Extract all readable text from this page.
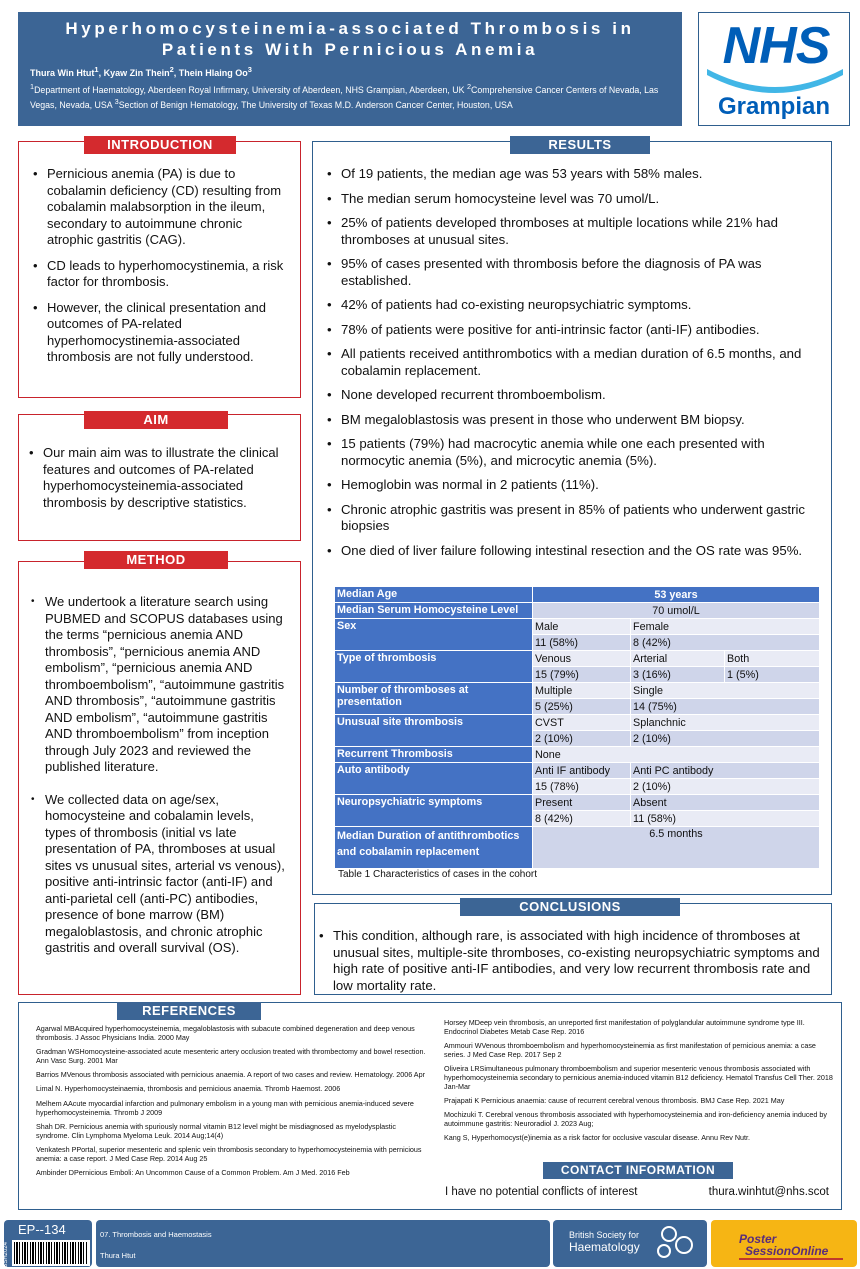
Hyperhomocysteinemia-associated Thrombosis in Patients With Pernicious Anemia
Thura Win Htut$^1$, Kyaw Zin Thein$^2$, Thein Hlaing Oo$^3$
$^1$Department of Haematology, Aberdeen Royal Infirmary, University of Aberdeen, NHS Grampian, Aberdeen, UK $^2$Comprehensive Cancer Centers of Nevada, Las Vegas, Nevada, USA $^3$Section of Benign Hematology, The University of Texas M.D. Anderson Cancer Center, Houston, USA
NHS
Grampian
• Pernicious anemia (PA) is due to cobalamin deficiency (CD) resulting from cobalamin malabsorption in the ileum, secondary to autoimmune chronic atrophic gastritis (CAG).
• CD leads to hyperhomocystinemia, a risk factor for thrombosis.
• However, the clinical presentation and outcomes of PA-related hyperhomocystinemia-associated thrombosis are not fully understood.
INTRODUCTION
• Our main aim was to illustrate the clinical features and outcomes of PA-related hyperhomocysteinemia-associated thrombosis by descriptive statistics.
AIM
• We undertook a literature search using PUBMED and SCOPUS databases using the terms “pernicious anemia AND thrombosis”, “pernicious anemia AND embolism”, “pernicious anemia AND thromboembolism”, “autoimmune gastritis AND thrombosis”, “autoimmune gastritis AND embolism”, “autoimmune gastritis AND thromboembolism” from inception through July 2023 and reviewed the published literature.
• We collected data on age/sex, homocysteine and cobalamin levels, types of thrombosis (initial vs late presentation of PA, thromboses at usual sites vs unusual sites, arterial vs venous), positive anti-intrinsic factor (anti-IF) and anti-parietal cell (anti-PC) antibodies, presence of bone marrow (BM) megaloblastosis, and chronic atrophic gastritis and overall survival (OS).
METHOD
• Of 19 patients, the median age was 53 years with 58% males.
• The median serum homocysteine level was 70 umol/L.
• 25% of patients developed thromboses at multiple locations while 21% had thromboses at unusual sites.
• 95% of cases presented with thrombosis before the diagnosis of PA was established.
• 42% of patients had co-existing neuropsychiatric symptoms.
• 78% of patients were positive for anti-intrinsic factor (anti-IF) antibodies.
• All patients received antithrombotics with a median duration of 6.5 months, and cobalamin replacement.
• None developed recurrent thromboembolism.
• BM megaloblastosis was present in those who underwent BM biopsy.
• 15 patients (79%) had macrocytic anemia while one each presented with normocytic anemia (5%), and microcytic anemia (5%).
• Hemoglobin was normal in 2 patients (11%).
• Chronic atrophic gastritis was present in 85% of patients who underwent gastric biopsies
• One died of liver failure following intestinal resection and the OS rate was 95%.
RESULTS
Median Age	53 years		
Median Serum Homocysteine Level	70 umol/L		
Sex	Male	Female	
	11 (58%)	8 (42%)	
Type of thrombosis	Venous	Arterial	Both
	15 (79%)	3 (16%)	1 (5%)
Number of thromboses at presentation	Multiple	Single	
	5 (25%)	14 (75%)	
Unusual site thrombosis	CVST	Splanchnic	
	2 (10%)	2 (10%)	
Recurrent Thrombosis	None		
Auto antibody	Anti IF antibody	Anti PC antibody	
	15 (78%)	2 (10%)	
Neuropsychiatric symptoms	Present	Absent	
	8 (42%)	11 (58%)	
Median Duration of antithrombotics and cobalamin replacement	6.5 months		
Table 1 Characteristics of cases in the cohort
• This condition, although rare, is associated with high incidence of thromboses at unusual sites, multiple-site thromboses, co-existing neuropsychiatric symptoms and high rate of positive anti-IF antibodies, and very low recurrent thrombosis rate and low mortality rate.
CONCLUSIONS

Agarwal MBAcquired hyperhomocysteinemia, megaloblastosis with subacute combined degeneration and deep venous thrombosis. J Assoc Physicians India. 2000 May

Gradman WSHomocysteine-associated acute mesenteric artery occlusion treated with thrombectomy and bowel resection. Ann Vasc Surg. 2001 Mar

Barrios MVenous thrombosis associated with pernicious anaemia. A report of two cases and review. Hematology. 2006 Apr

Limal N. Hyperhomocysteinaemia, thrombosis and pernicious anaemia. Thromb Haemost. 2006

Melhem AAcute myocardial infarction and pulmonary embolism in a young man with pernicious anemia-induced severe hyperhomocysteinemia. Thromb J 2009

Shah DR. Pernicious anemia with spuriously normal vitamin B12 level might be misdiagnosed as myelodysplastic syndrome. Clin Lymphoma Myeloma Leuk. 2014 Aug;14(4)

Venkatesh PPortal, superior mesenteric and splenic vein thrombosis secondary to hyperhomocysteinemia with pernicious anemia: a case report. J Med Case Rep. 2014 Aug 25

Ambinder DPernicious Emboli: An Uncommon Cause of a Common Problem. Am J Med. 2016 Feb

Horsey MDeep vein thrombosis, an unreported first manifestation of polyglandular autoimmune syndrome type III. Endocrinol Diabetes Metab Case Rep. 2016

Ammouri WVenous thromboembolism and hyperhomocysteinemia as first manifestation of pernicious anemia: a case series. J Med Case Rep. 2017 Sep 2

Oliveira LRSimultaneous pulmonary thromboembolism and superior mesenteric venous thrombosis associated with hyperhomocysteinemia secondary to pernicious anemia-induced vitamin B12 deficiency. Hematol Transfus Cell Ther. 2018 Jan-Mar

Prajapati K Pernicious anaemia: cause of recurrent cerebral venous thrombosis. BMJ Case Rep. 2021 May

Mochizuki T. Cerebral venous thrombosis associated with hyperhomocysteinemia and iron-deficiency anemia induced by autoimmune gastritis: Neuroradiol J. 2023 Aug;

Kang S, Hyperhomocyst(e)inemia as a risk factor for occlusive vascular disease. Annu Rev Nutr.

CONTACT INFORMATION
I have no potential conflicts of interest	thura.winhtut@nhs.scot
REFERENCES
EP--134
BSH2024
07. Thrombosis and Haemostasis
Thura Htut
British Society for
Haematology
Poster
SessionOnline
